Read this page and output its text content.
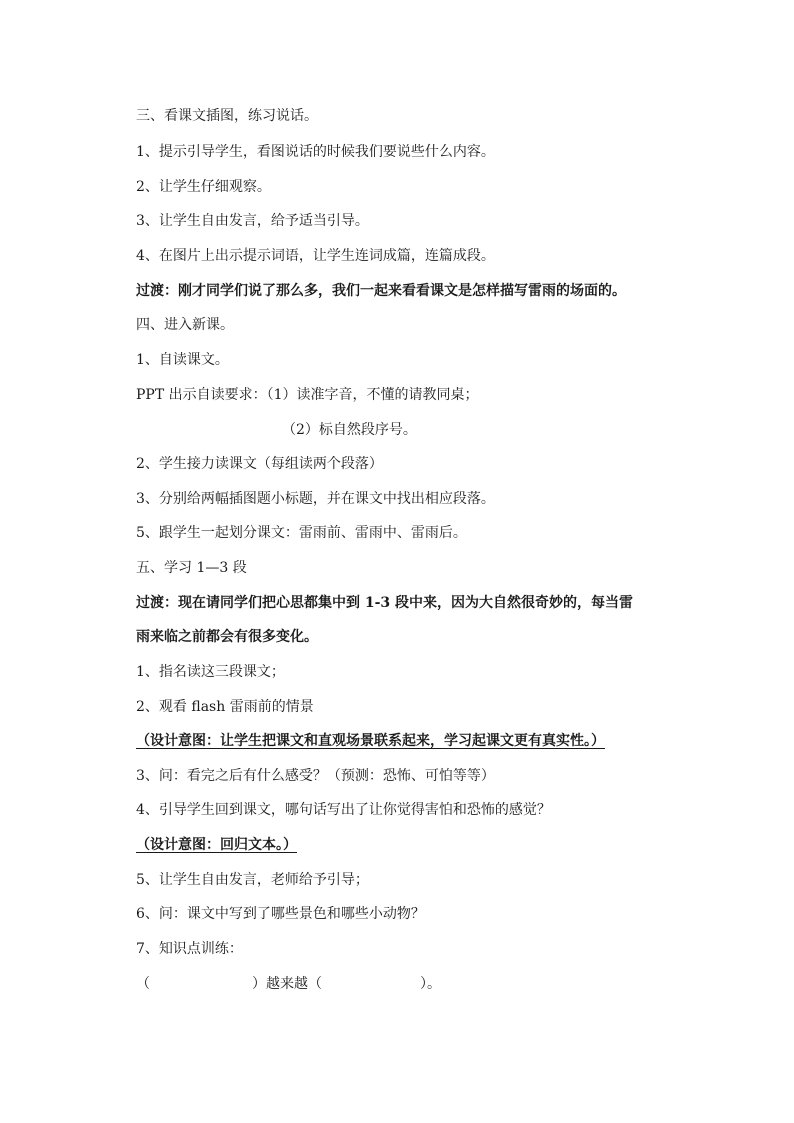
三、看课文插图，练习说话。
1、提示引导学生，看图说话的时候我们要说些什么内容。
2、让学生仔细观察。
3、让学生自由发言，给予适当引导。
4、在图片上出示提示词语，让学生连词成篇，连篇成段。
过渡：刚才同学们说了那么多，我们一起来看看课文是怎样描写雷雨的场面的。
四、进入新课。
1、自读课文。
PPT 出示自读要求：（1）读准字音，不懂的请教同桌；
（2）标自然段序号。
2、学生接力读课文（每组读两个段落）
3、分别给两幅插图题小标题，并在课文中找出相应段落。
5、跟学生一起划分课文：雷雨前、雷雨中、雷雨后。
五、学习 1—3 段
过渡：现在请同学们把心思都集中到 1-3 段中来，因为大自然很奇妙的，每当雷
雨来临之前都会有很多变化。
1、指名读这三段课文；
2、观看 flash 雷雨前的情景
（设计意图：让学生把课文和直观场景联系起来，学习起课文更有真实性。）
3、问：看完之后有什么感受？（预测：恐怖、可怕等等）
4、引导学生回到课文，哪句话写出了让你觉得害怕和恐怖的感觉？
（设计意图：回归文本。）
5、让学生自由发言，老师给予引导；
6、问：课文中写到了哪些景色和哪些小动物？
7、知识点训练：
（	）越来越（	）。
